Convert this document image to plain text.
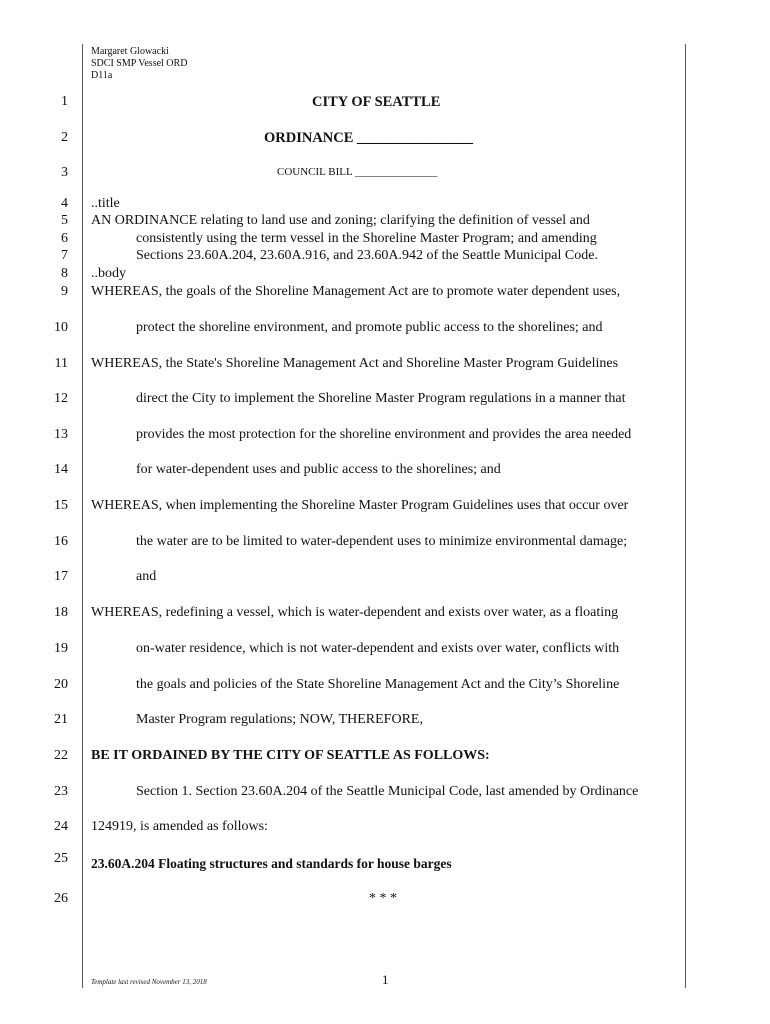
Margaret Glowacki
SDCI SMP Vessel ORD
D11a
1
2
3
4
5
6
7
8
9
10
11
12
13
14
15
16
17
18
19
20
21
22
23
24
25
26
CITY OF SEATTLE
ORDINANCE ________________
COUNCIL BILL _______________
..title
AN ORDINANCE relating to land use and zoning; clarifying the definition of vessel and
consistently using the term vessel in the Shoreline Master Program; and amending
Sections 23.60A.204, 23.60A.916, and 23.60A.942 of the Seattle Municipal Code.
..body
WHEREAS, the goals of the Shoreline Management Act are to promote water dependent uses,
protect the shoreline environment, and promote public access to the shorelines; and
WHEREAS, the State's Shoreline Management Act and Shoreline Master Program Guidelines
direct the City to implement the Shoreline Master Program regulations in a manner that
provides the most protection for the shoreline environment and provides the area needed
for water-dependent uses and public access to the shorelines; and
WHEREAS, when implementing the Shoreline Master Program Guidelines uses that occur over
the water are to be limited to water-dependent uses to minimize environmental damage;
and
WHEREAS, redefining a vessel, which is water-dependent and exists over water, as a floating
on-water residence, which is not water-dependent and exists over water, conflicts with
the goals and policies of the State Shoreline Management Act and the City’s Shoreline
Master Program regulations; NOW, THEREFORE,
BE IT ORDAINED BY THE CITY OF SEATTLE AS FOLLOWS:
Section 1. Section 23.60A.204 of the Seattle Municipal Code, last amended by Ordinance
124919, is amended as follows:
23.60A.204 Floating structures and standards for house barges
* * *
Template last revised November 13, 2018	1
